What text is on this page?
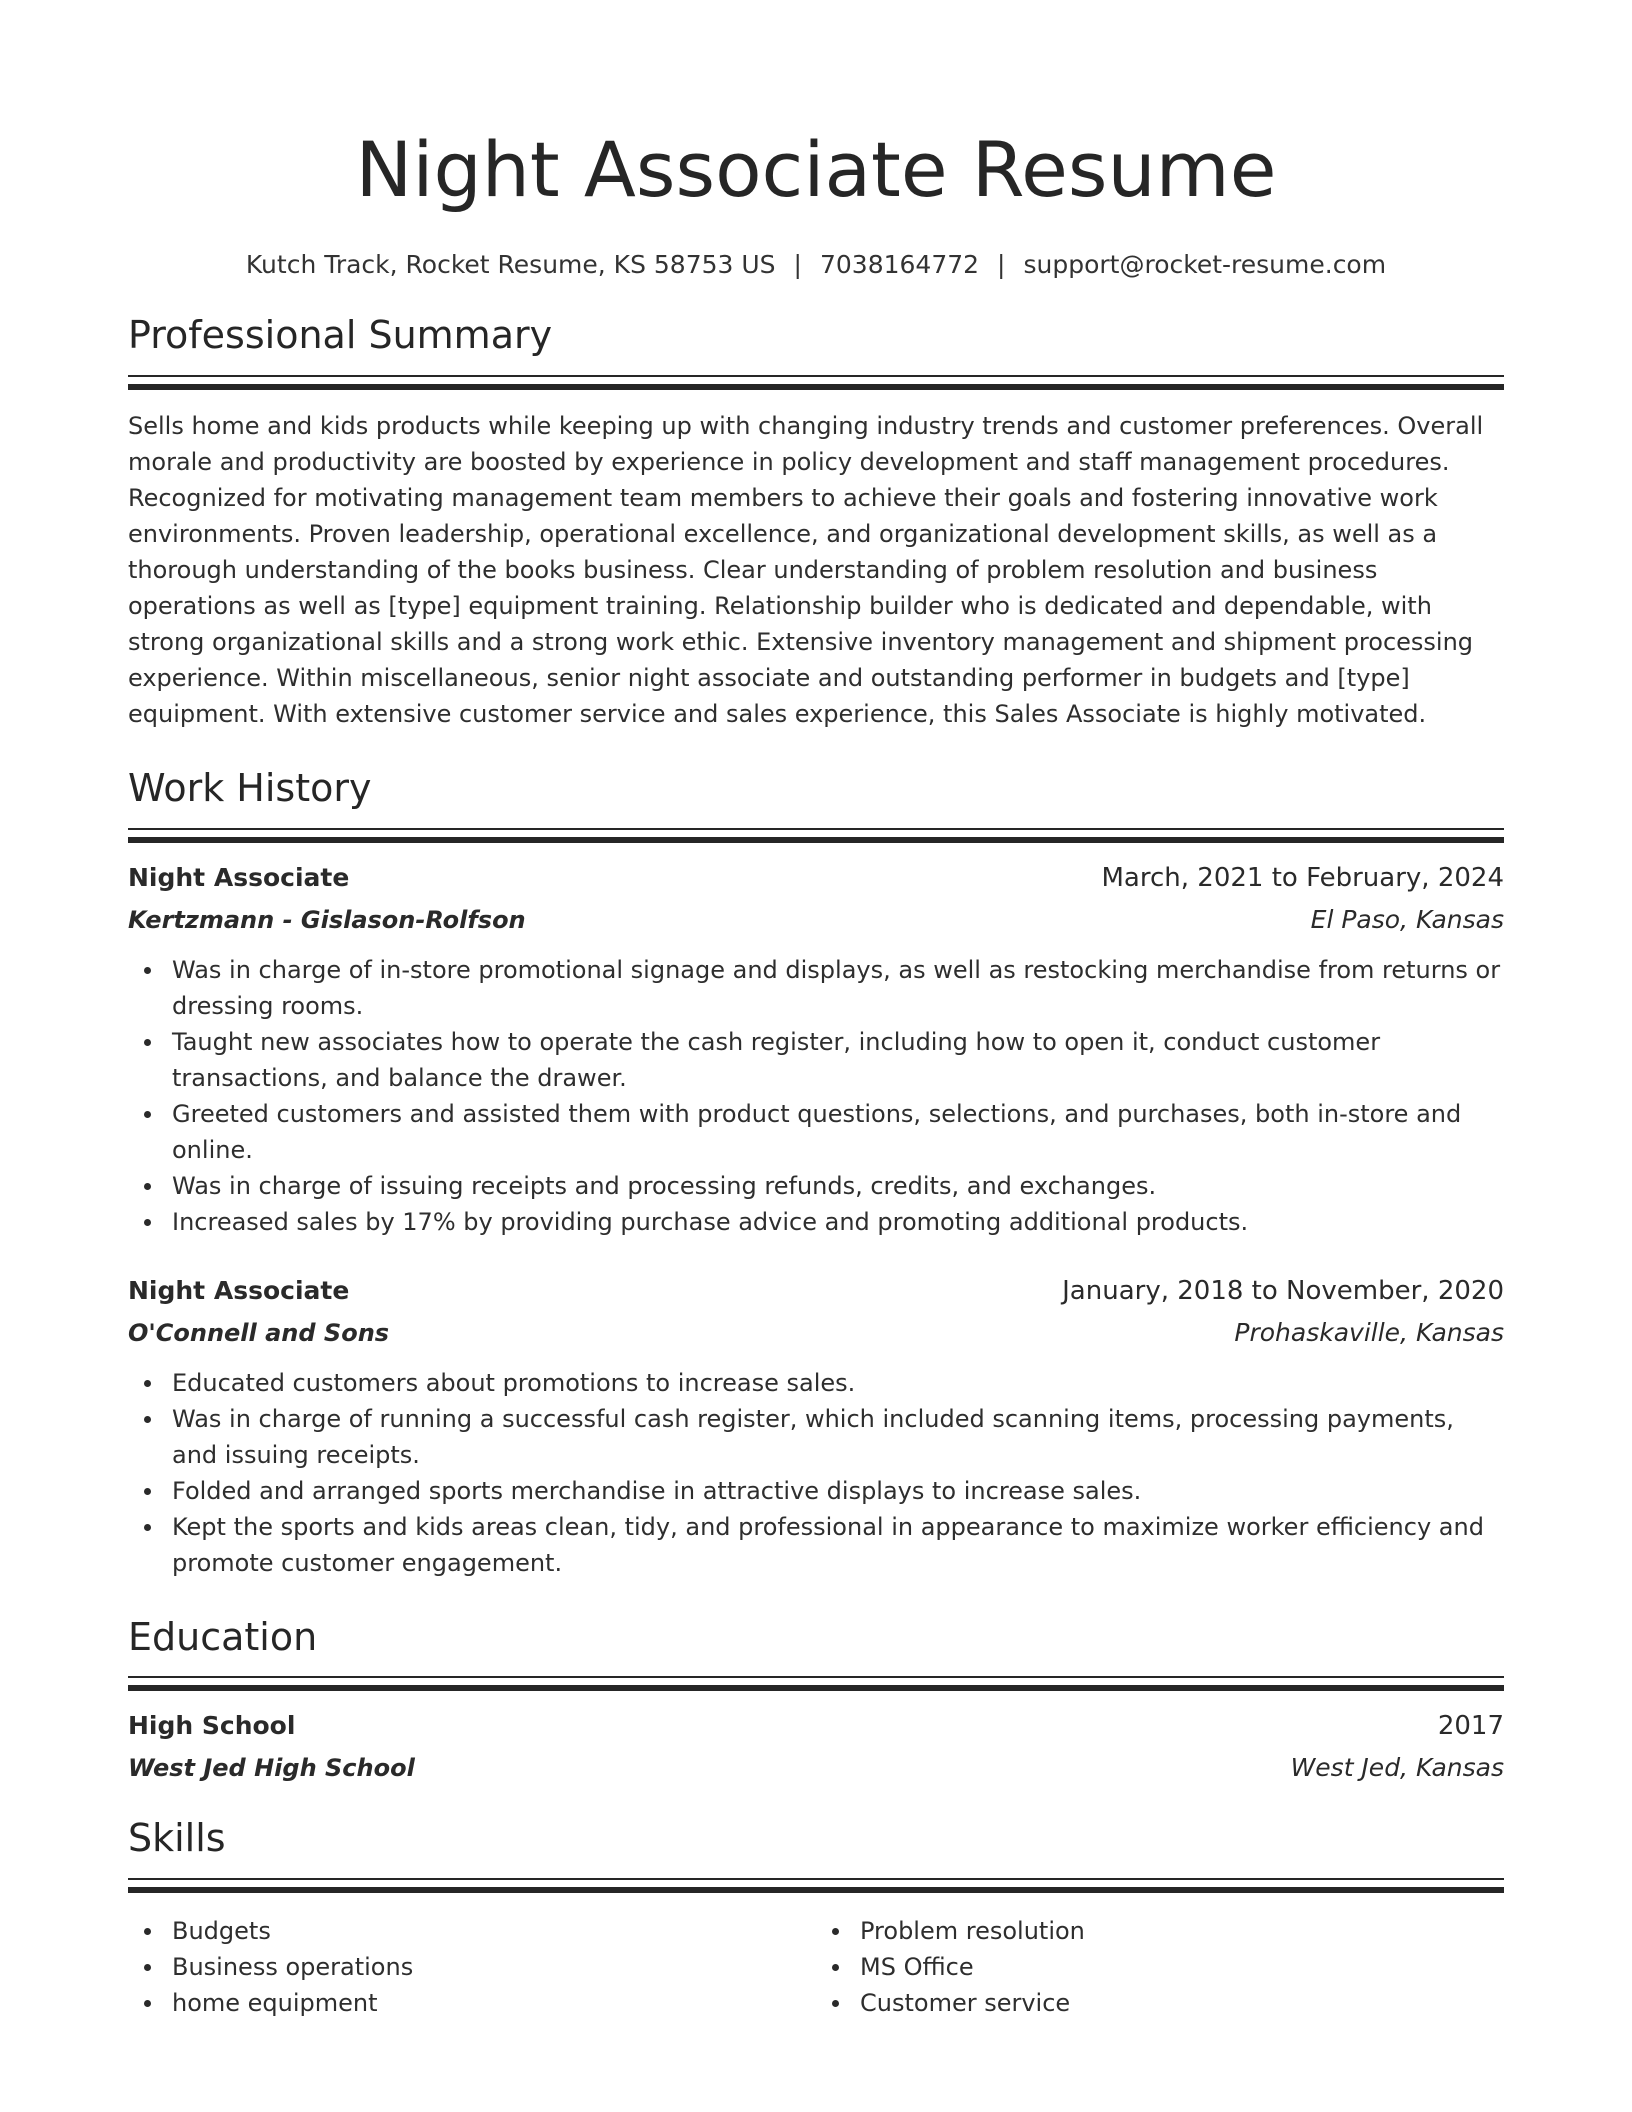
Night Associate Resume
Kutch Track, Rocket Resume, KS 58753 US | 7038164772 | support@rocket-resume.com
Professional Summary

Sells home and kids products while keeping up with changing industry trends and customer preferences. Overall morale and productivity are boosted by experience in policy development and staff management procedures. Recognized for motivating management team members to achieve their goals and fostering innovative work environments. Proven leadership, operational excellence, and organizational development skills, as well as a thorough understanding of the books business. Clear understanding of problem resolution and business operations as well as [type] equipment training. Relationship builder who is dedicated and dependable, with strong organizational skills and a strong work ethic. Extensive inventory management and shipment processing experience. Within miscellaneous, senior night associate and outstanding performer in budgets and [type] equipment. With extensive customer service and sales experience, this Sales Associate is highly motivated.

Work History
Night Associate	March, 2021 to February, 2024
Kertzmann - Gislason-Rolfson	El Paso, Kansas
Was in charge of in-store promotional signage and displays, as well as restocking merchandise from returns or dressing rooms.
Taught new associates how to operate the cash register, including how to open it, conduct customer transactions, and balance the drawer.
Greeted customers and assisted them with product questions, selections, and purchases, both in-store and online.
Was in charge of issuing receipts and processing refunds, credits, and exchanges.
Increased sales by 17% by providing purchase advice and promoting additional products.
Night Associate	January, 2018 to November, 2020
O'Connell and Sons	Prohaskaville, Kansas
Educated customers about promotions to increase sales.
Was in charge of running a successful cash register, which included scanning items, processing payments, and issuing receipts.
Folded and arranged sports merchandise in attractive displays to increase sales.
Kept the sports and kids areas clean, tidy, and professional in appearance to maximize worker efficiency and promote customer engagement.
Education
High School	2017
West Jed High School	West Jed, Kansas
Skills
Budgets
Business operations
home equipment
Problem resolution
MS Office
Customer service
